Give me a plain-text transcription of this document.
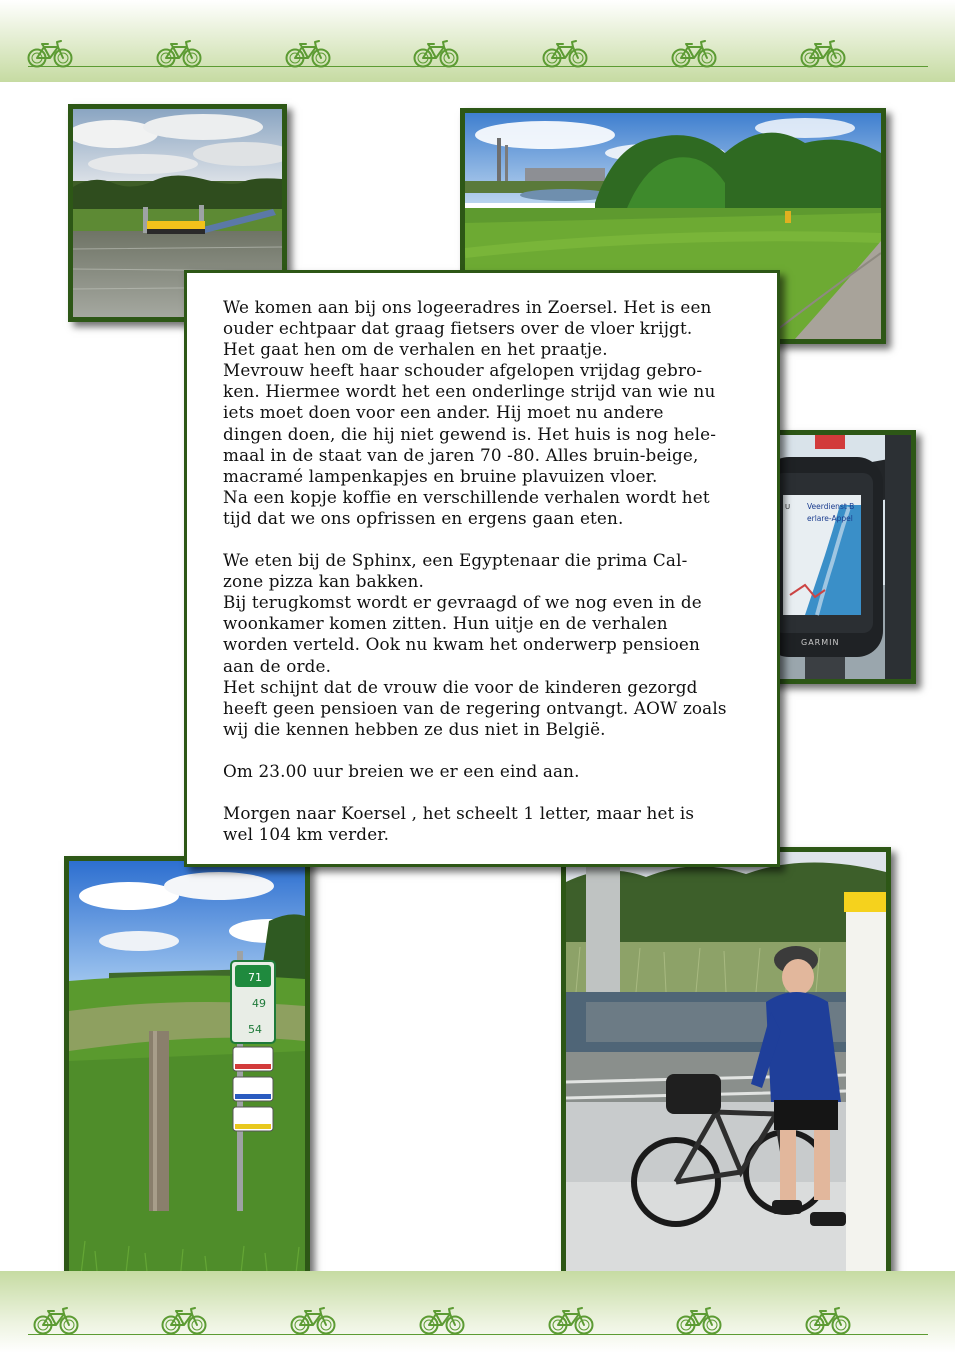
Veerdienst B
erlare-Appel
U
GARMIN
71
49
54

We komen aan bij ons logeeradres in Zoersel. Het is een
ouder echtpaar dat graag fietsers over de vloer krijgt.
Het gaat hen om de verhalen en het praatje.
Mevrouw heeft haar schouder afgelopen vrijdag gebro-
ken. Hiermee wordt het een onderlinge strijd van wie nu
iets moet doen voor een ander. Hij moet nu andere
dingen doen, die hij niet gewend is. Het huis is nog hele-
maal in de staat van de jaren 70 -80. Alles bruin-beige,
macramé lampenkapjes en bruine plavuizen vloer.
Na een kopje koffie en verschillende verhalen wordt het
tijd dat we ons opfrissen en ergens gaan eten.

We eten bij de Sphinx, een Egyptenaar die prima Cal-
zone pizza kan bakken.
Bij terugkomst wordt er gevraagd of we nog even in de
woonkamer komen zitten. Hun uitje en de verhalen
worden verteld. Ook nu kwam het onderwerp pensioen
aan de orde.
Het schijnt dat de vrouw die voor de kinderen gezorgd
heeft geen pensioen van de regering ontvangt. AOW zoals
wij die kennen hebben ze dus niet in België.

Om 23.00 uur breien we er een eind aan.

Morgen naar Koersel , het scheelt 1 letter, maar het is
wel 104 km verder.
